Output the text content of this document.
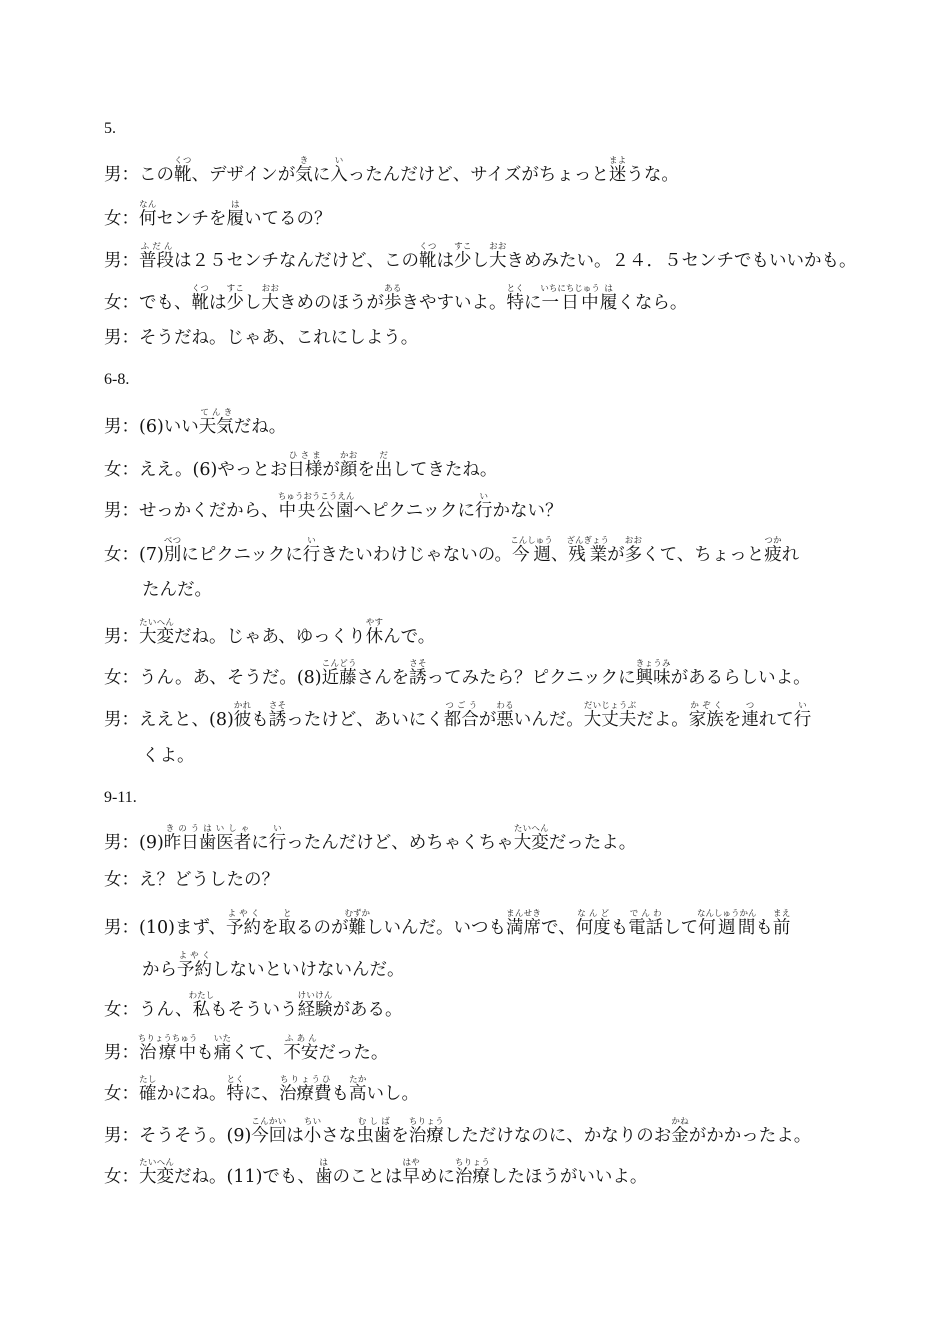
5.
男：この靴くつ、デザインが気きに入いったんだけど、サイズがちょっと迷まような。
女：何なんセンチを履はいてるの？
男：普段ふだんは２５センチなんだけど、この靴くつは少すこし大おおきめみたい。２４．５センチでもいいかも。
女：でも、靴くつは少すこし大おおきめのほうが歩あるきやすいよ。特とくに一日中いちにちじゅう履はくなら。
男：そうだね。じゃあ、これにしよう。
6-8.
男：(6)いい天気てんきだね。
女：ええ。(6)やっとお日様ひさまが顔かおを出だしてきたね。
男：せっかくだから、中央公園ちゅうおうこうえんへピクニックに行いかない？
女：(7)別べつにピクニックに行いきたいわけじゃないの。今週こんしゅう、残業ざんぎょうが多おおくて、ちょっと疲つかれ
たんだ。
男：大変たいへんだね。じゃあ、ゆっくり休やすんで。
女：うん。あ、そうだ。(8)近藤こんどうさんを誘さそってみたら？ピクニックに興味きょうみがあるらしいよ。
男：ええと、(8)彼かれも誘さそったけど、あいにく都合つごうが悪わるいんだ。大丈夫だいじょうぶだよ。家族かぞくを連つれて行い
くよ。
9-11.
男：(9)昨日歯医者きのうはいしゃに行いったんだけど、めちゃくちゃ大変たいへんだったよ。
女：え？どうしたの？
男：(10)まず、予約よやくを取とるのが難むずかしいんだ。いつも満席まんせきで、何度なんども電話でんわして何週間なんしゅうかんも前まえ
から予約よやくしないといけないんだ。
女：うん、私わたしもそういう経験けいけんがある。
男：治療中ちりょうちゅうも痛いたくて、不安ふあんだった。
女：確たしかにね。特とくに、治療費ちりょうひも高たかいし。
男：そうそう。(9)今回こんかいは小ちいさな虫歯むしばを治療ちりょうしただけなのに、かなりのお金かねがかかったよ。
女：大変たいへんだね。(11)でも、歯はのことは早はやめに治療ちりょうしたほうがいいよ。
